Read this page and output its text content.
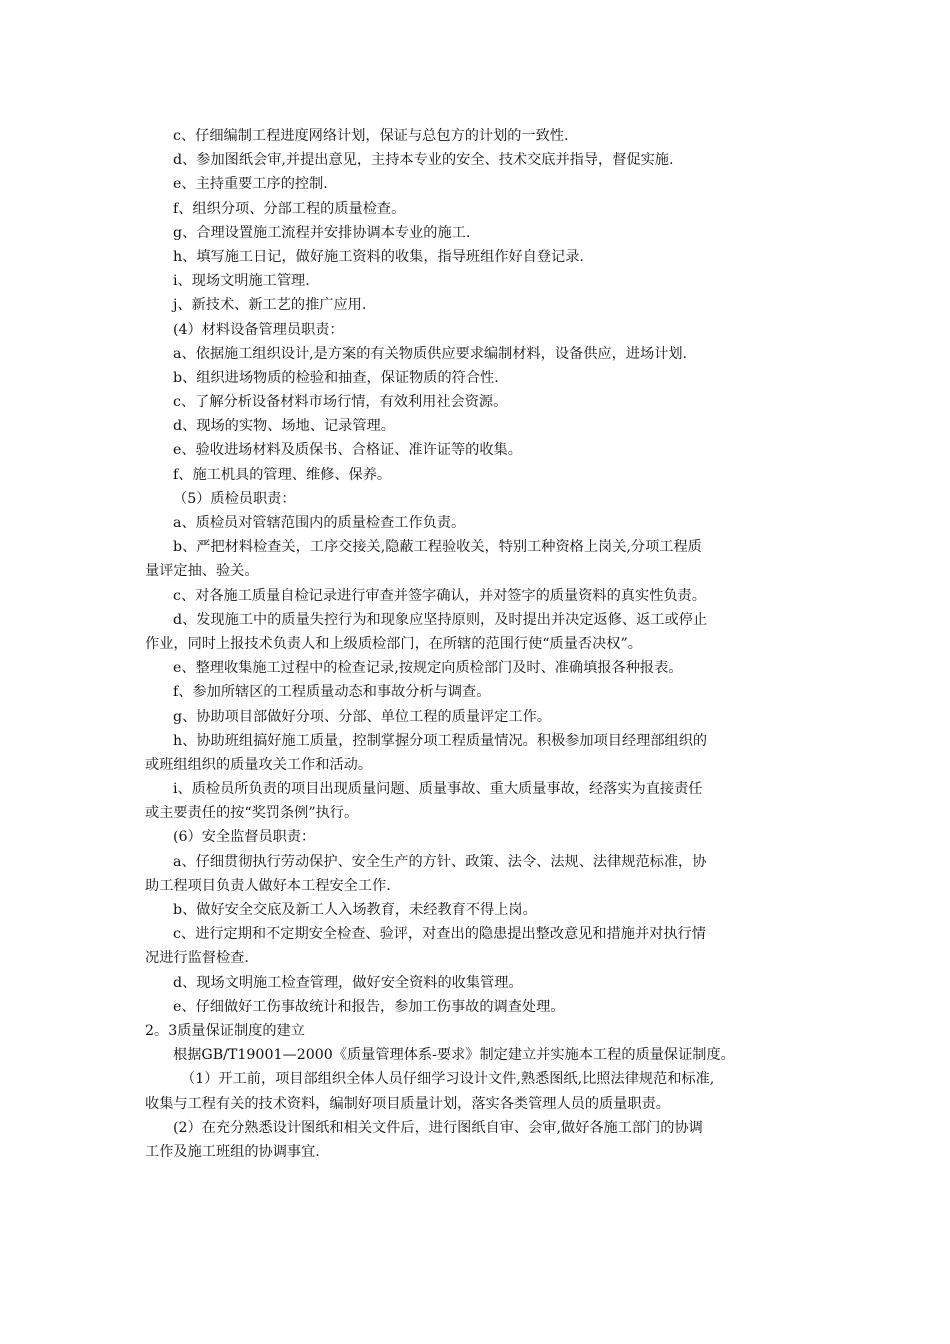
c、仔细编制工程进度网络计划，保证与总包方的计划的一致性.
d、参加图纸会审,并提出意见，主持本专业的安全、技术交底并指导，督促实施.
e、主持重要工序的控制.
f、组织分项、分部工程的质量检查。
g、合理设置施工流程并安排协调本专业的施工.
h、填写施工日记，做好施工资料的收集，指导班组作好自登记录.
i、现场文明施工管理.
j、新技术、新工艺的推广应用.
(4）材料设备管理员职责：
a、依据施工组织设计,是方案的有关物质供应要求编制材料，设备供应，进场计划.
b、组织进场物质的检验和抽查，保证物质的符合性.
c、了解分析设备材料市场行情，有效利用社会资源。
d、现场的实物、场地、记录管理。
e、验收进场材料及质保书、合格证、准许证等的收集。
f、施工机具的管理、维修、保养。
（5）质检员职责：
a、质检员对管辖范围内的质量检查工作负责。
b、严把材料检查关，工序交接关,隐蔽工程验收关，特别工种资格上岗关,分项工程质
量评定抽、验关。
c、对各施工质量自检记录进行审查并签字确认，并对签字的质量资料的真实性负责。
d、发现施工中的质量失控行为和现象应坚持原则，及时提出并决定返修、返工或停止
作业，同时上报技术负责人和上级质检部门，在所辖的范围行使“质量否决权”。
e、整理收集施工过程中的检查记录,按规定向质检部门及时、准确填报各种报表。
f、参加所辖区的工程质量动态和事故分析与调查。
g、协助项目部做好分项、分部、单位工程的质量评定工作。
h、协助班组搞好施工质量，控制掌握分项工程质量情况。积极参加项目经理部组织的
或班组组织的质量攻关工作和活动。
i、质检员所负责的项目出现质量问题、质量事故、重大质量事故，经落实为直接责任
或主要责任的按“奖罚条例”执行。
(6）安全监督员职责：
a、仔细贯彻执行劳动保护、安全生产的方针、政策、法令、法规、法律规范标准，协
助工程项目负责人做好本工程安全工作.
b、做好安全交底及新工人入场教育，未经教育不得上岗。
c、进行定期和不定期安全检查、验评，对查出的隐患提出整改意见和措施并对执行情
况进行监督检查.
d、现场文明施工检查管理，做好安全资料的收集管理。
e、仔细做好工伤事故统计和报告，参加工伤事故的调查处理。
2。3质量保证制度的建立
根据GB/T19001—2000《质量管理体系-要求》制定建立并实施本工程的质量保证制度。
（1）开工前，项目部组织全体人员仔细学习设计文件,熟悉图纸,比照法律规范和标准,
收集与工程有关的技术资料，编制好项目质量计划，落实各类管理人员的质量职责。
(2）在充分熟悉设计图纸和相关文件后，进行图纸自审、会审,做好各施工部门的协调
工作及施工班组的协调事宜.
